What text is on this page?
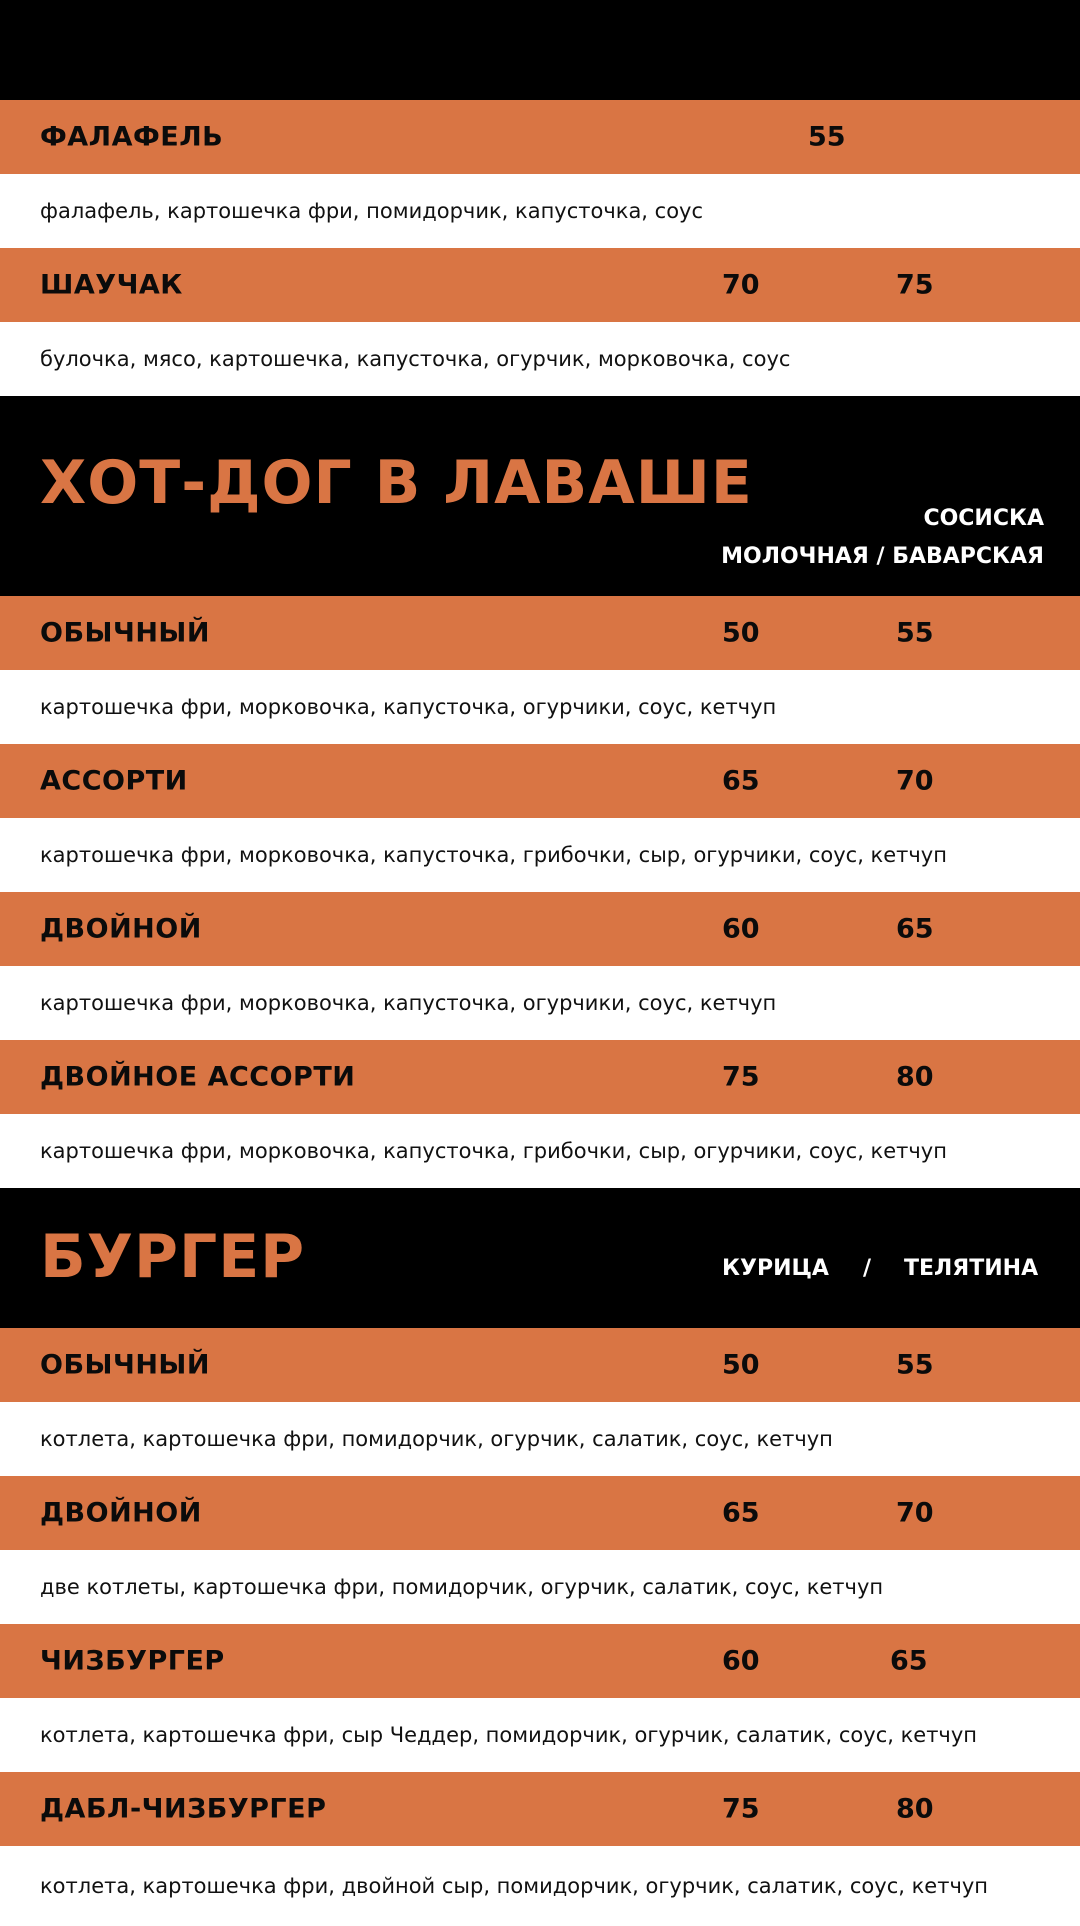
ФАЛАФЕЛЬ	55
фалафель, картошечка фри, помидорчик, капусточка, соус
ШАУЧАК	70	75
булочка, мясо, картошечка, капусточка, огурчик, морковочка, соус
ХОТ-ДОГ В ЛАВАШЕ
СОСИСКА
МОЛОЧНАЯ / БАВАРСКАЯ
ОБЫЧНЫЙ	50	55
картошечка фри, морковочка, капусточка, огурчики, соус, кетчуп
АССОРТИ	65	70
картошечка фри, морковочка, капусточка, грибочки, сыр, огурчики, соус, кетчуп
ДВОЙНОЙ	60	65
картошечка фри, морковочка, капусточка, огурчики, соус, кетчуп
ДВОЙНОЕ АССОРТИ	75	80
картошечка фри, морковочка, капусточка, грибочки, сыр, огурчики, соус, кетчуп
БУРГЕР	КУРИЦА / ТЕЛЯТИНА
ОБЫЧНЫЙ	50	55
котлета, картошечка фри, помидорчик, огурчик, салатик, соус, кетчуп
ДВОЙНОЙ	65	70
две котлеты, картошечка фри, помидорчик, огурчик, салатик, соус, кетчуп
ЧИЗБУРГЕР	60	65
котлета, картошечка фри, сыр Чеддер, помидорчик, огурчик, салатик, соус, кетчуп
ДАБЛ-ЧИЗБУРГЕР	75	80
котлета, картошечка фри, двойной сыр, помидорчик, огурчик, салатик, соус, кетчуп
